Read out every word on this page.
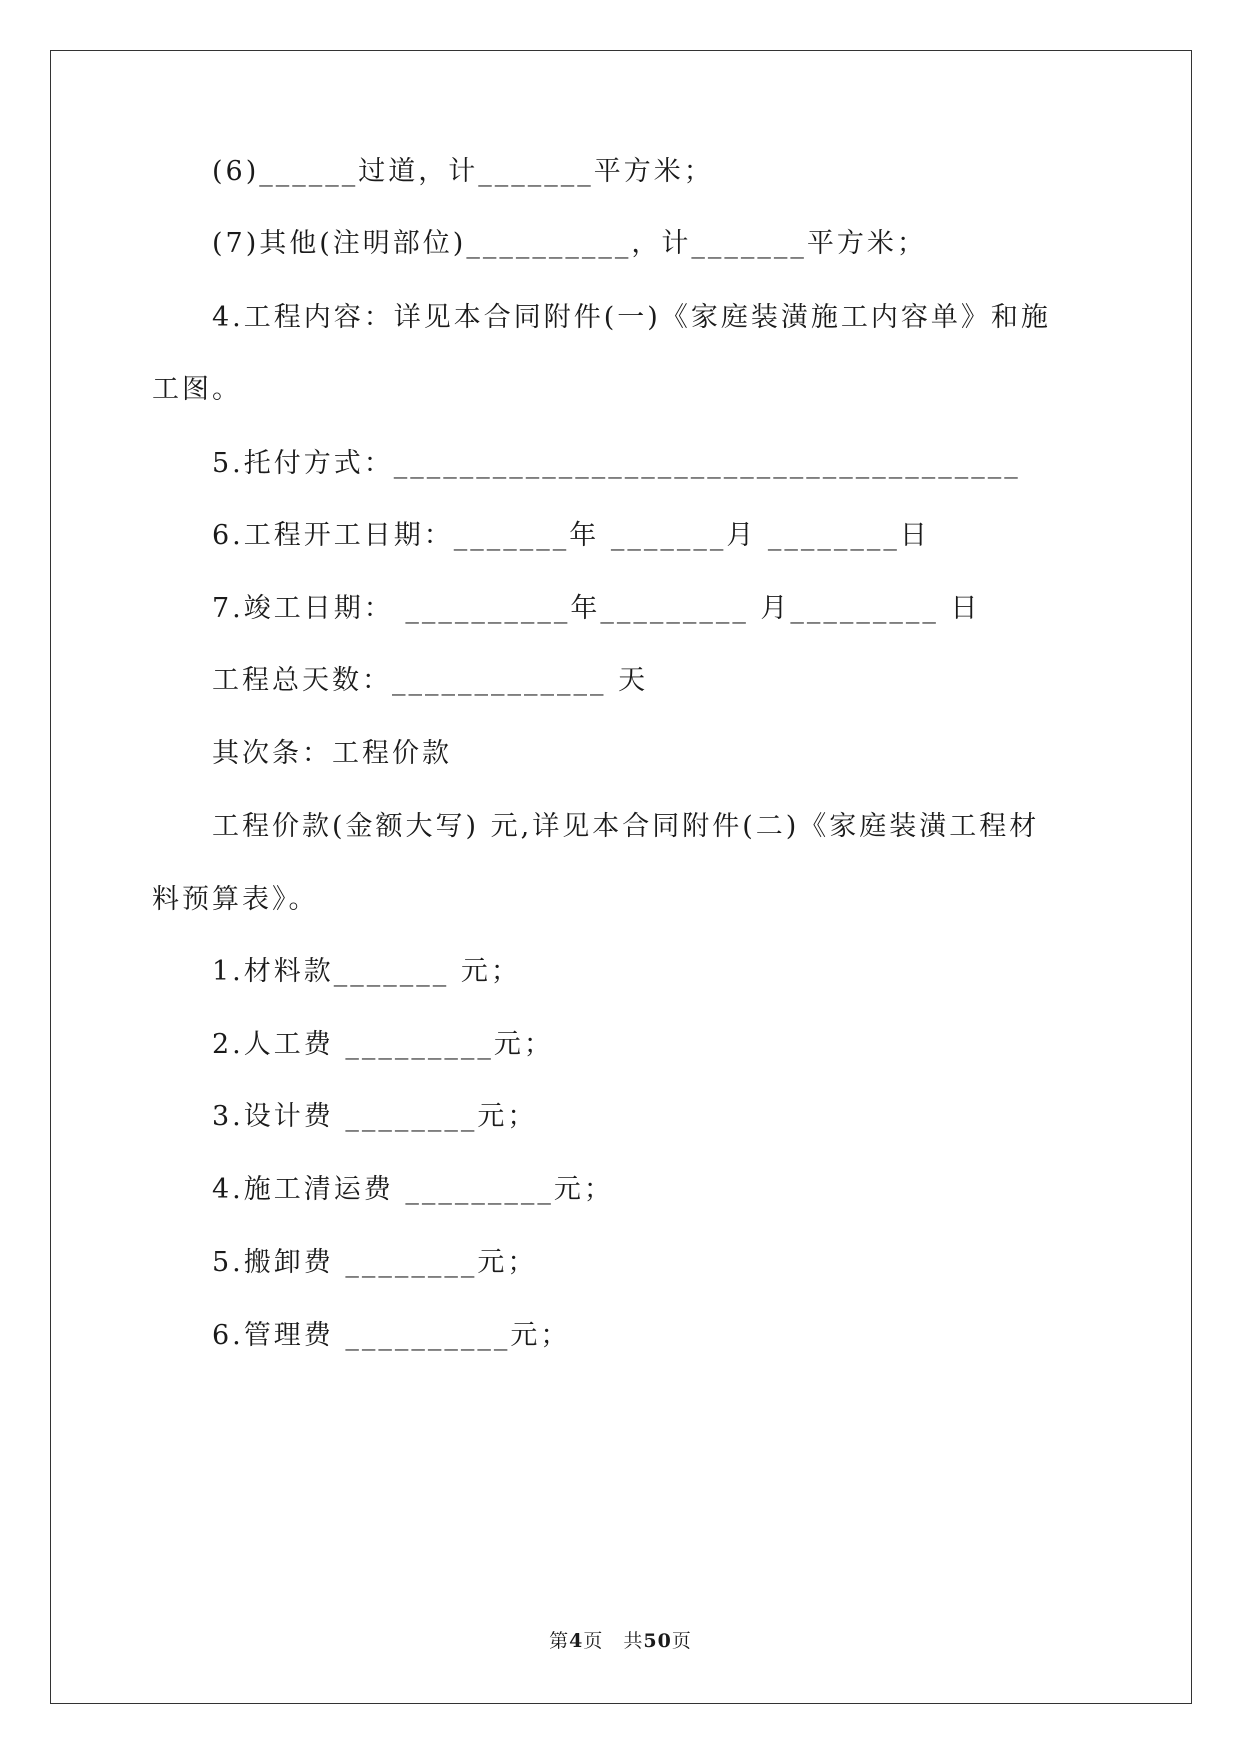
(6)______过道，计_______平方米；
(7)其他(注明部位)__________，计_______平方米；
4.工程内容：详见本合同附件(一)《家庭装潢施工内容单》和施
工图。
5.托付方式：______________________________________
6.工程开工日期：_______年 _______月 ________日
7.竣工日期： __________年_________ 月_________ 日
工程总天数：_____________ 天
其次条：工程价款
工程价款(金额大写) 元,详见本合同附件(二)《家庭装潢工程材
料预算表》。
1.材料款_______ 元；
2.人工费 _________元；
3.设计费 ________元；
4.施工清运费 _________元；
5.搬卸费 ________元；
6.管理费 __________元；
第4页　共50页
